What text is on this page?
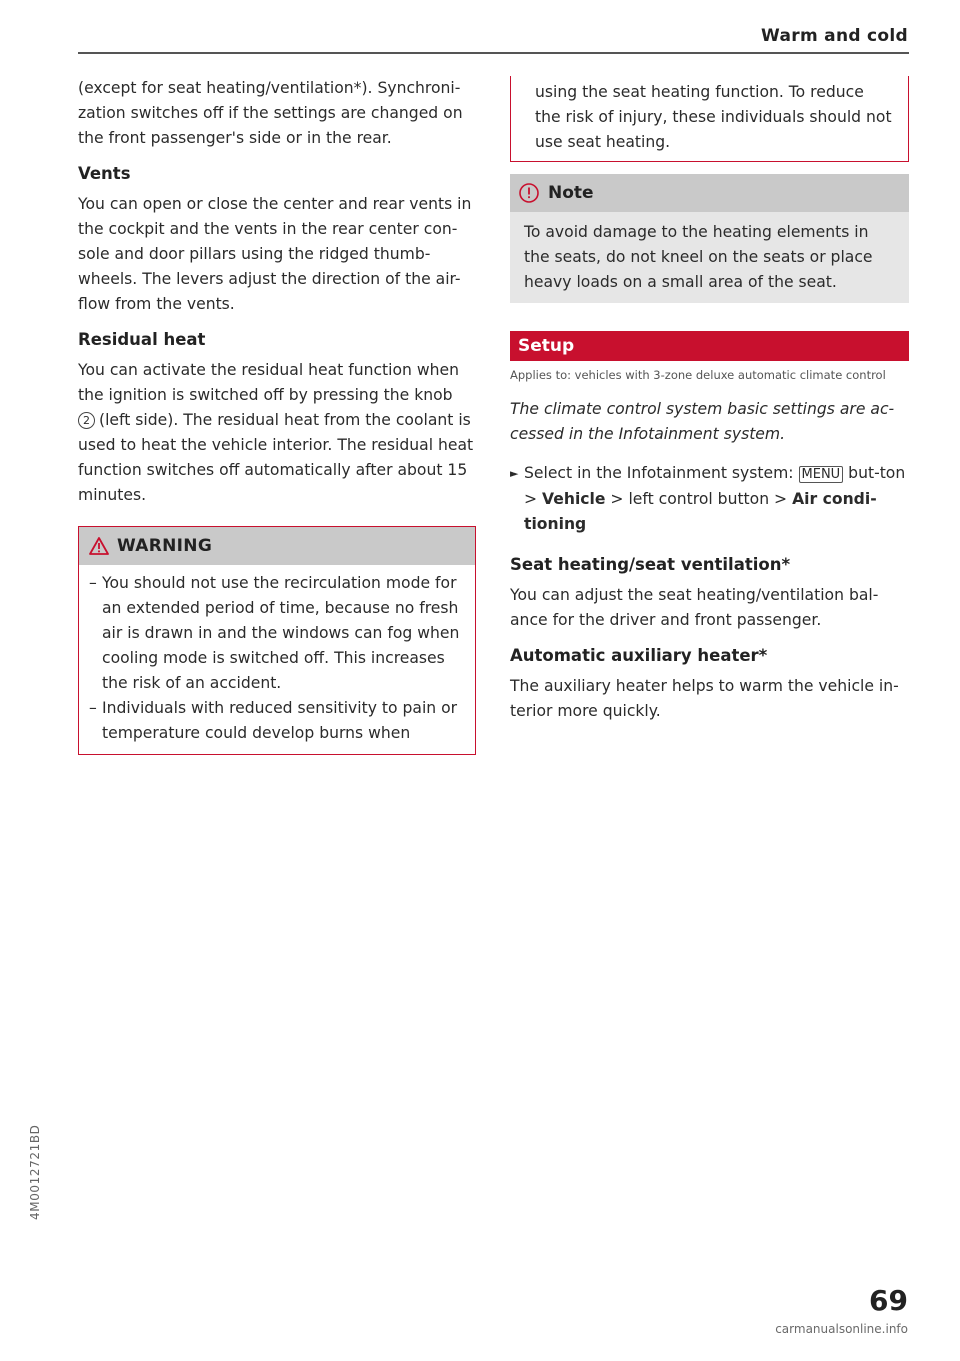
Warm and cold

(except for seat heating/ventilation*). Synchroni-zation switches off if the settings are changed on the front passenger's side or in the rear.

Vents

You can open or close the center and rear vents in the cockpit and the vents in the rear center con-sole and door pillars using the ridged thumb-wheels. The levers adjust the direction of the air-flow from the vents.

Residual heat

You can activate the residual heat function when the ignition is switched off by pressing the knob 2 (left side). The residual heat from the coolant is used to heat the vehicle interior. The residual heat function switches off automatically after about 15 minutes.

WARNING
– You should not use the recirculation mode for an extended period of time, because no fresh air is drawn in and the windows can fog when cooling mode is switched off. This increases the risk of an accident.
– Individuals with reduced sensitivity to pain or temperature could develop burns when

using the seat heating function. To reduce the risk of injury, these individuals should not use seat heating.

Note

To avoid damage to the heating elements in the seats, do not kneel on the seats or place heavy loads on a small area of the seat.

Setup
Applies to: vehicles with 3-zone deluxe automatic climate control

The climate control system basic settings are ac-cessed in the Infotainment system.

► Select in the Infotainment system: MENU but-ton > Vehicle > left control button > Air condi-tioning
Seat heating/seat ventilation*

You can adjust the seat heating/ventilation bal-ance for the driver and front passenger.

Automatic auxiliary heater*

The auxiliary heater helps to warm the vehicle in-terior more quickly.

4M0012721BD
69
carmanualsonline.info
